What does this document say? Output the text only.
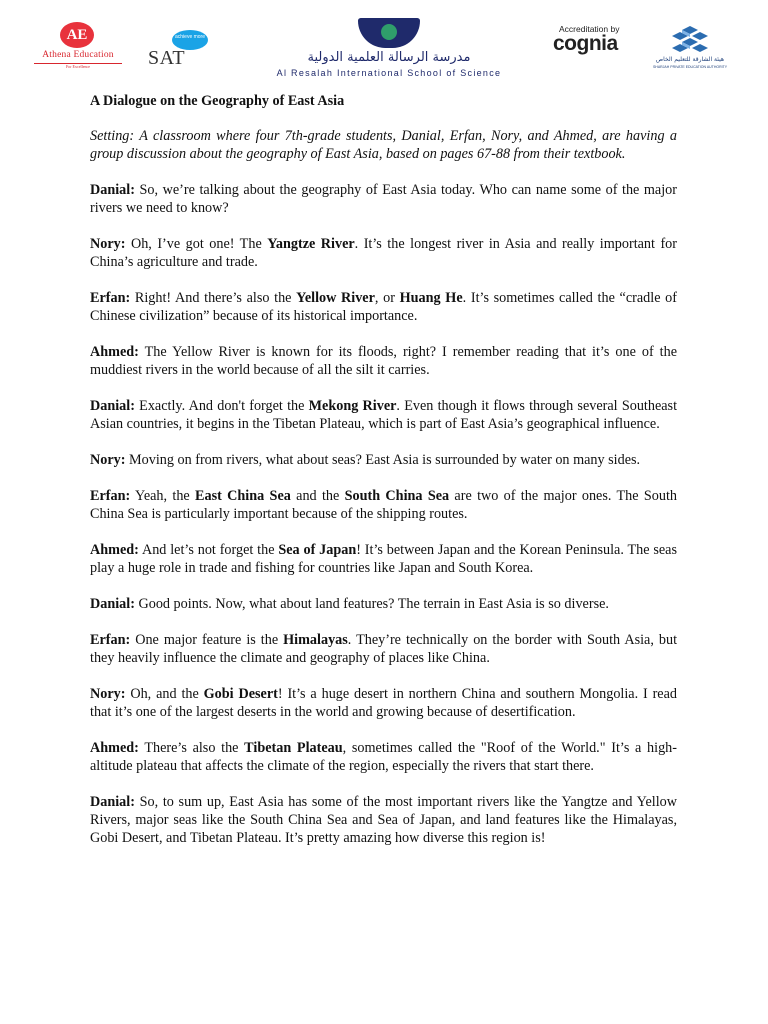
AE
Athena Education
For Excellence
achieve more
SAT	مدرسة الرسالة العلمية الدولية
Al Resalah International School of Science
Accreditation by
cognia
هيئة الشارقة للتعليم الخاص
SHARJAH PRIVATE EDUCATION AUTHORITY
A Dialogue on the Geography of East Asia
Setting: A classroom where four 7th-grade students, Danial, Erfan, Nory, and Ahmed, are having a group discussion about the geography of East Asia, based on pages 67-88 from their textbook.
Danial: So, we’re talking about the geography of East Asia today. Who can name some of the major rivers we need to know?
Nory: Oh, I’ve got one! The Yangtze River. It’s the longest river in Asia and really important for China’s agriculture and trade.
Erfan: Right! And there’s also the Yellow River, or Huang He. It’s sometimes called the “cradle of Chinese civilization” because of its historical importance.
Ahmed: The Yellow River is known for its floods, right? I remember reading that it’s one of the muddiest rivers in the world because of all the silt it carries.
Danial: Exactly. And don't forget the Mekong River. Even though it flows through several Southeast Asian countries, it begins in the Tibetan Plateau, which is part of East Asia’s geographical influence.
Nory: Moving on from rivers, what about seas? East Asia is surrounded by water on many sides.
Erfan: Yeah, the East China Sea and the South China Sea are two of the major ones. The South China Sea is particularly important because of the shipping routes.
Ahmed: And let’s not forget the Sea of Japan! It’s between Japan and the Korean Peninsula. The seas play a huge role in trade and fishing for countries like Japan and South Korea.
Danial: Good points. Now, what about land features? The terrain in East Asia is so diverse.
Erfan: One major feature is the Himalayas. They’re technically on the border with South Asia, but they heavily influence the climate and geography of places like China.
Nory: Oh, and the Gobi Desert! It’s a huge desert in northern China and southern Mongolia. I read that it’s one of the largest deserts in the world and growing because of desertification.
Ahmed: There’s also the Tibetan Plateau, sometimes called the "Roof of the World." It’s a high-altitude plateau that affects the climate of the region, especially the rivers that start there.
Danial: So, to sum up, East Asia has some of the most important rivers like the Yangtze and Yellow Rivers, major seas like the South China Sea and Sea of Japan, and land features like the Himalayas, Gobi Desert, and Tibetan Plateau. It’s pretty amazing how diverse this region is!
